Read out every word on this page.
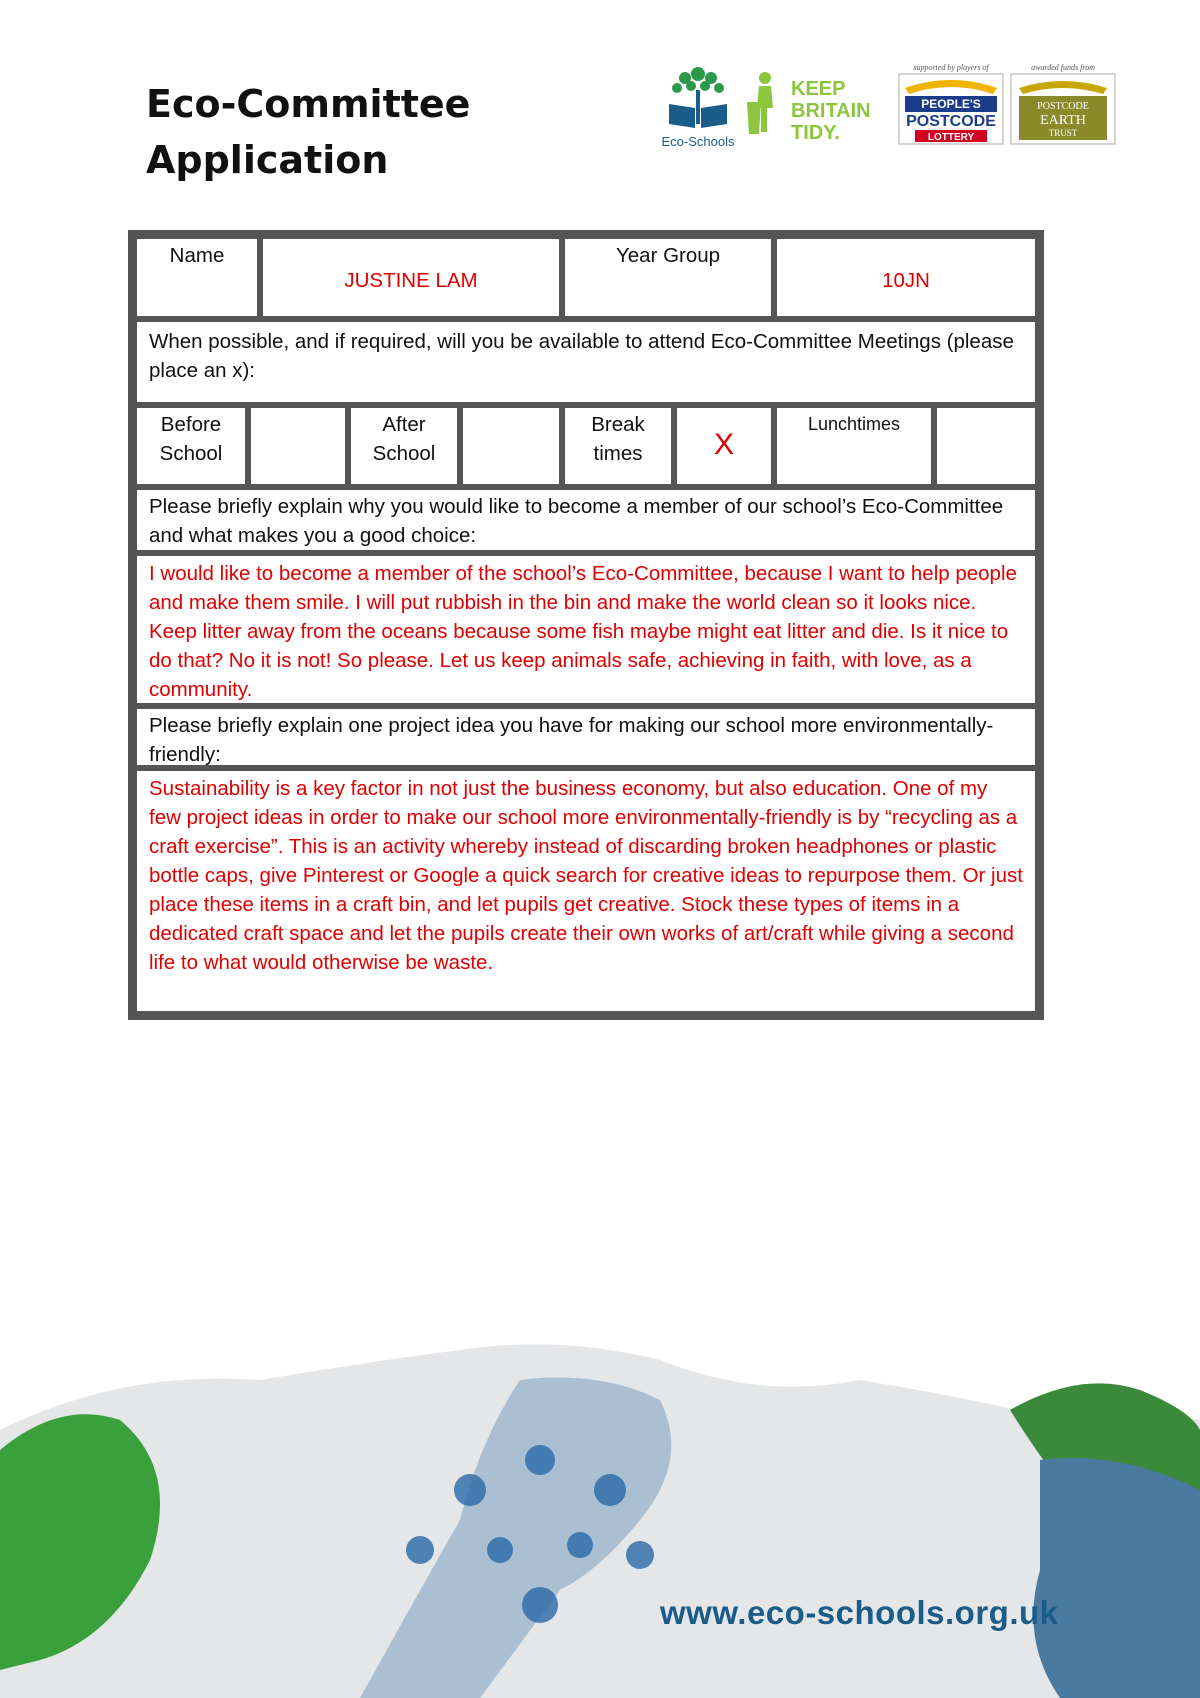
Eco-Committee
Application	Eco-Schools
KEEP
BRITAIN
TIDY.
supported by players of
PEOPLE'S
POSTCODE
LOTTERY
awarded funds from
POSTCODE
EARTH
TRUST
Name
JUSTINE LAM
Year Group
10JN
When possible, and if required, will you be available to attend Eco-Committee Meetings (please place an x):
Before School
After School
Break times	X
Lunchtimes
Please briefly explain why you would like to become a member of our school’s Eco-Committee and what makes you a good choice:
I would like to become a member of the school’s Eco-Committee, because I want to help people and make them smile. I will put rubbish in the bin and make the world clean so it looks nice. Keep litter away from the oceans because some fish maybe might eat litter and die. Is it nice to do that? No it is not! So please. Let us keep animals safe, achieving in faith, with love, as a community.
Please briefly explain one project idea you have for making our school more environmentally-friendly:
Sustainability is a key factor in not just the business economy, but also education. One of my few project ideas in order to make our school more environmentally-friendly is by “recycling as a craft exercise”. This is an activity whereby instead of discarding broken headphones or plastic bottle caps, give Pinterest or Google a quick search for creative ideas to repurpose them. Or just place these items in a craft bin, and let pupils get creative. Stock these types of items in a dedicated craft space and let the pupils create their own works of art/craft while giving a second life to what would otherwise be waste.
www.eco-schools.org.uk
